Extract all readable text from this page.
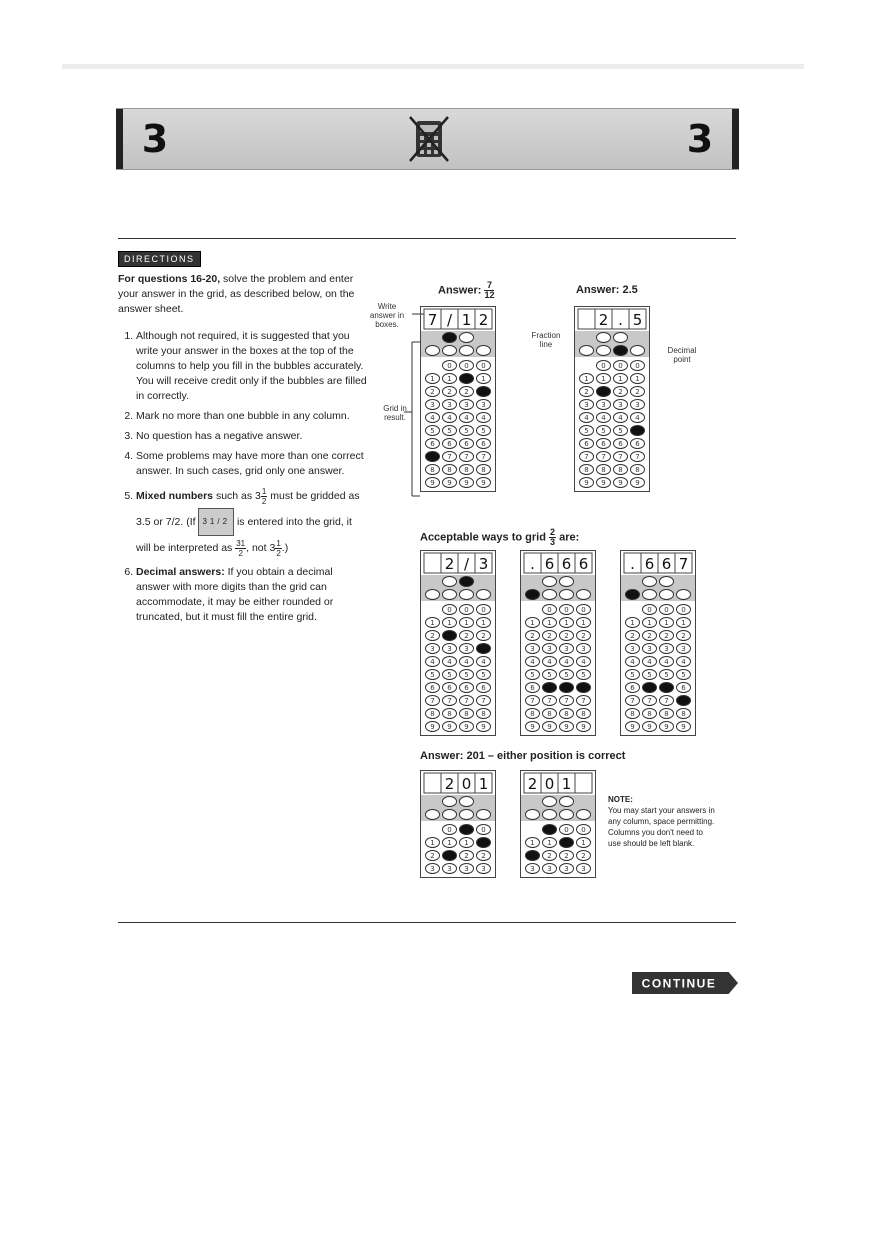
3	3
DIRECTIONS

For questions 16-20, solve the problem and enter your answer in the grid, as described below, on the answer sheet.

1. Although not required, it is suggested that you write your answer in the boxes at the top of the columns to help you fill in the bubbles accurately. You will receive credit only if the bubbles are filled in correctly.
2. Mark no more than one bubble in any column.
3. No question has a negative answer.
4. Some problems may have more than one correct answer. In such cases, grid only one answer.
5. Mixed numbers such as $3 \frac{1}{2}$ must be gridded as 3.5 or 7/2. (If 31/2 is entered into the grid, it will be interpreted as $\frac{31}{2}$ , not $3 \frac{1}{2}$ .)
6. Decimal answers: If you obtain a decimal answer with more digits than the grid can accommodate, it may be either rounded or truncated, but it must fill the entire grid.
Answer: $\frac{7}{12}$	Answer: 2.5
Write answer in boxes.
Grid in result.
Fraction line
Decimal point
7 / 1 2
1
2
3
4
5
6
8
9
0
1
2
3
4
5
6
7
8
9
0
2
3
4
5
6
7
8
9
0
1
3
4
5
6
7
8
9
2 . 5
1
2
3
4
5
6
7
8
9
0
1
3
4
5
6
7
8
9
0
1
2
3
4
5
6
7
8
9
0
1
2
3
4
6
7
8
9
Acceptable ways to grid $\frac{2}{3}$ are:
2 / 3
1
2
3
4
5
6
7
8
9
0
1
3
4
5
6
7
8
9
0
1
2
3
4
5
6
7
8
9
0
1
2
4
5
6
7
8
9
. 6 6 6
1
2
3
4
5
6
7
8
9
0
1
2
3
4
5
7
8
9
0
1
2
3
4
5
7
8
9
0
1
2
3
4
5
7
8
9
. 6 6 7
1
2
3
4
5
6
7
8
9
0
1
2
3
4
5
7
8
9
0
1
2
3
4
5
7
8
9
0
1
2
3
4
5
6
8
9
Answer: 201 – either position is correct
2 0 1
1
2
3
0
1
3
1
2
3
0
2
3
2 0 1
1
3
1
2
3
0
2
3
0
1
2
3
NOTE:
You may start your answers in any column, space permitting. Columns you don't need to use should be left blank.
CONTINUE
